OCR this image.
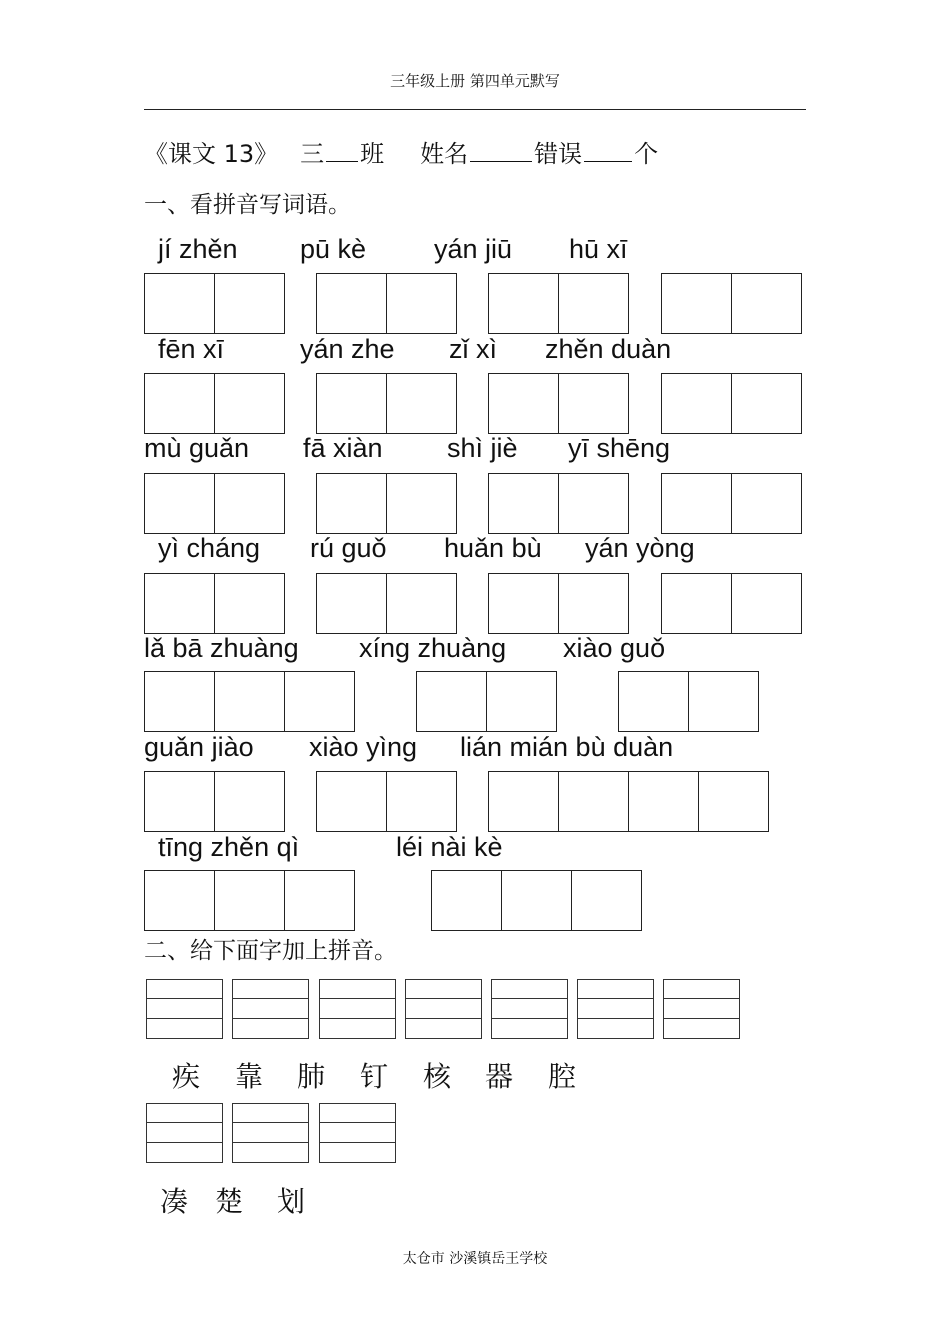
三年级上册 第四单元默写
《课文 13》 三 班 姓名	错误 个
一、看拼音写词语。
jí zhěn pū kè	yán jiū hū xī
fēn xī	yán zhe zǐ xì zhěn duàn
mù guǎn fā xiàn shì jiè yī shēng
yì cháng rú guǒ huǎn bù yán yòng
lǎ bā zhuàng xíng zhuàng xiào guǒ
guǎn jiào xiào yìng lián mián bù duàn
tīng zhěn qì	léi nài kè
二、给下面字加上拼音。
疾 靠 肺 钉 核 器 腔
凑 楚 划
太仓市 沙溪镇岳王学校
